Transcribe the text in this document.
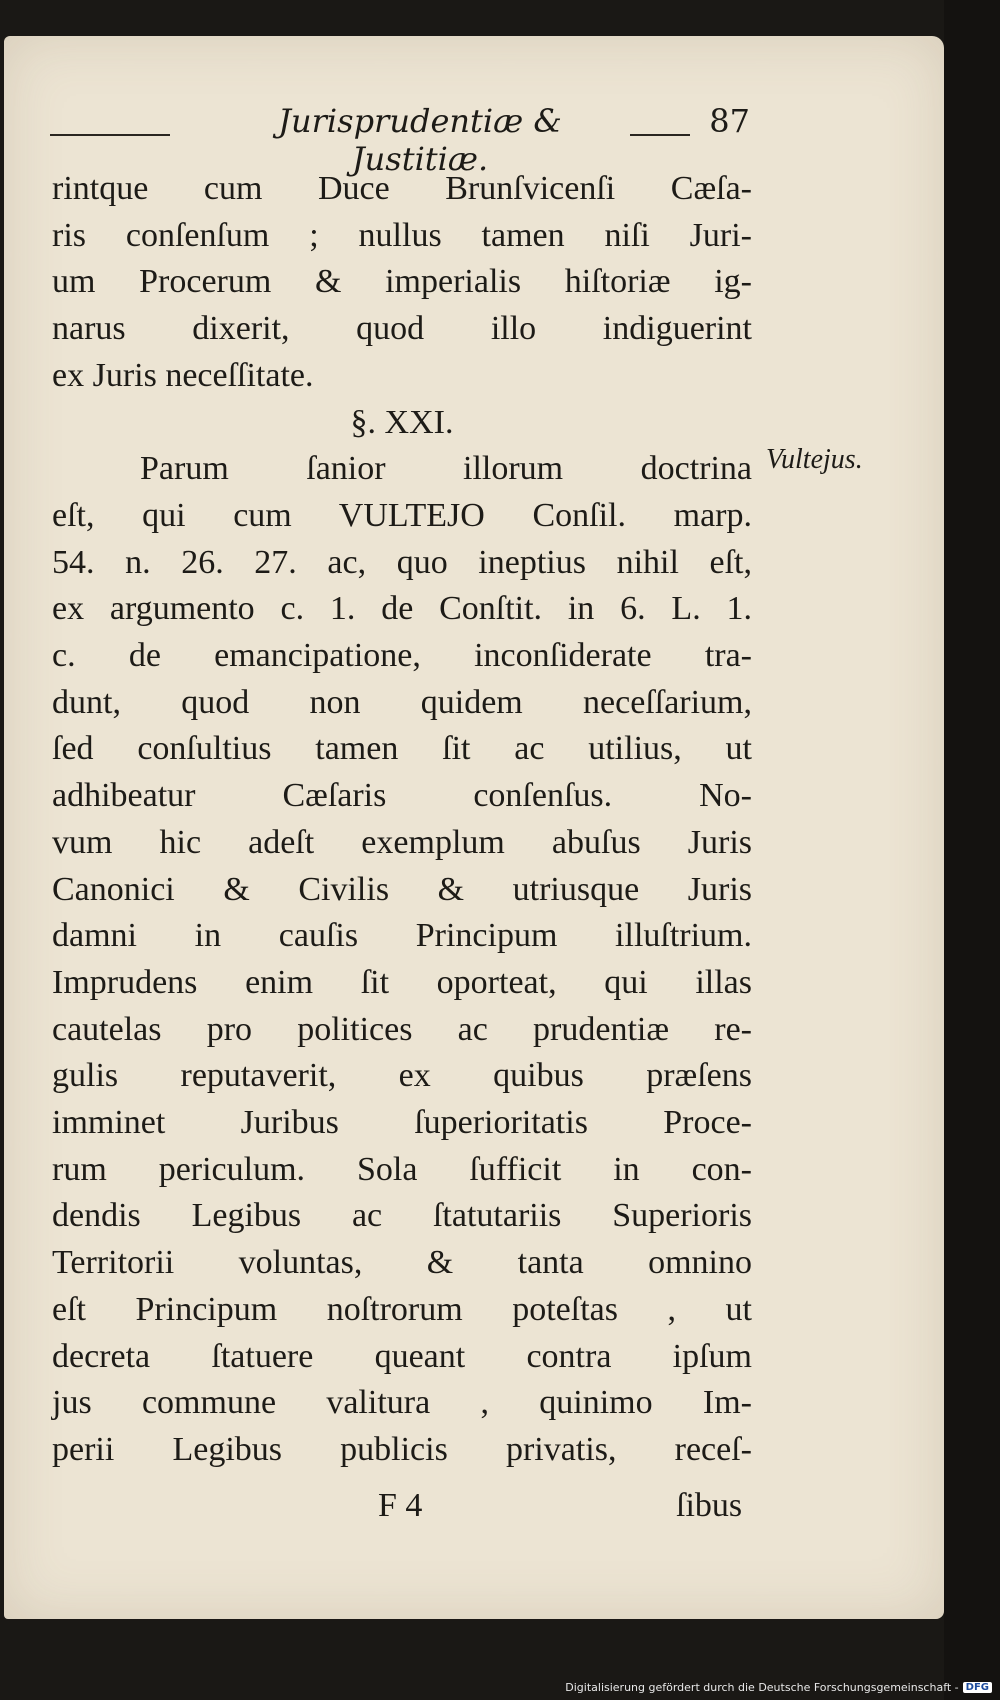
Jurisprudentiæ & Justitiæ.
87
rintque cum Duce Brunſvicenſi Cæſa-
ris conſenſum ; nullus tamen niſi Juri-
um Procerum & imperialis hiſtoriæ ig-
narus dixerit, quod illo indiguerint
ex Juris neceſſitate.
§. XXI.
Parum ſanior illorum doctrina
eſt, qui cum VULTEJO Conſil. marp.
54. n. 26. 27. ac, quo ineptius nihil eſt,
ex argumento c. 1. de Conſtit. in 6. L. 1.
c. de emancipatione, inconſiderate tra-
dunt, quod non quidem neceſſarium,
ſed conſultius tamen ſit ac utilius, ut
adhibeatur Cæſaris conſenſus. No-
vum hic adeſt exemplum abuſus Juris
Canonici & Civilis & utriusque Juris
damni in cauſis Principum illuſtrium.
Imprudens enim ſit oporteat, qui illas
cautelas pro politices ac prudentiæ re-
gulis reputaverit, ex quibus præſens
imminet Juribus ſuperioritatis Proce-
rum periculum. Sola ſufficit in con-
dendis Legibus ac ſtatutariis Superioris
Territorii voluntas, & tanta omnino
eſt Principum noſtrorum poteſtas , ut
decreta ſtatuere queant contra ipſum
jus commune valitura , quinimo Im-
perii Legibus publicis privatis, receſ-
Vultejus.
F 4	ſibus
Digitalisierung gefördert durch die Deutsche Forschungsgemeinschaft - DFG
